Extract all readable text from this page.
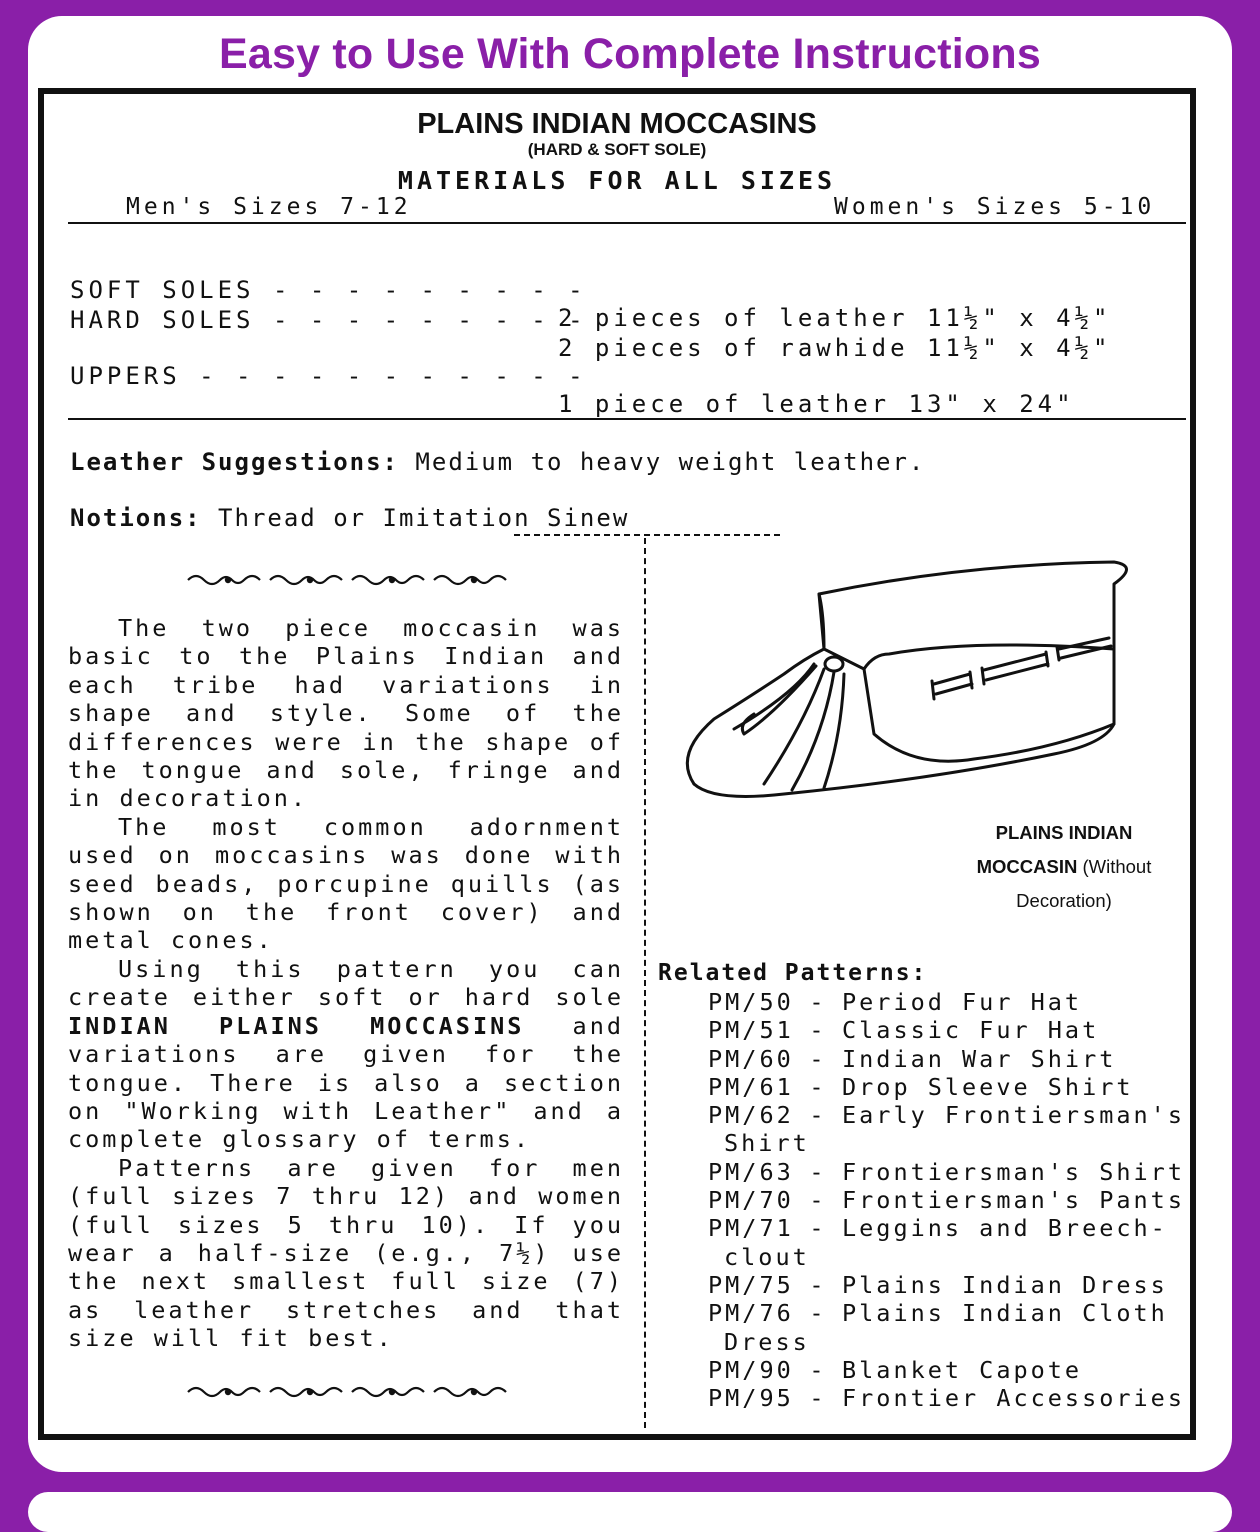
Easy to Use With Complete Instructions
PLAINS INDIAN MOCCASINS
(HARD & SOFT SOLE)
MATERIALS FOR ALL SIZES
Men's Sizes 7-12	Women's Sizes 5-10

SOFT SOLES - - - - - - - - -

2 pieces of leather 11½" x 4½"

HARD SOLES - - - - - - - - -

2 pieces of rawhide 11½" x 4½"

UPPERS - - - - - - - - - - -

1 piece of leather 13" x 24"

Leather Suggestions: Medium to heavy weight leather.
Notions: Thread or Imitation Sinew

The two piece moccasin was basic to the Plains Indian and each tribe had variations in shape and style. Some of the differences were in the shape of the tongue and sole, fringe and in decoration.

The most common adornment used on moccasins was done with seed beads, porcupine quills (as shown on the front cover) and metal cones.

Using this pattern you can create either soft or hard sole INDIAN PLAINS MOCCASINS and variations are given for the tongue. There is also a section on "Working with Leather" and a complete glossary of terms.

Patterns are given for men (full sizes 7 thru 12) and women (full sizes 5 thru 10). If you wear a half-size (e.g., 7½) use the next smallest full size (7) as leather stretches and that size will fit best.

PLAINS INDIAN
MOCCASIN (Without
Decoration)
Related Patterns:
PM/50 - Period Fur Hat
PM/51 - Classic Fur Hat
PM/60 - Indian War Shirt
PM/61 - Drop Sleeve Shirt
PM/62 - Early Frontiersman's
Shirt
PM/63 - Frontiersman's Shirt
PM/70 - Frontiersman's Pants
PM/71 - Leggins and Breech-
clout
PM/75 - Plains Indian Dress
PM/76 - Plains Indian Cloth
Dress
PM/90 - Blanket Capote
PM/95 - Frontier Accessories
